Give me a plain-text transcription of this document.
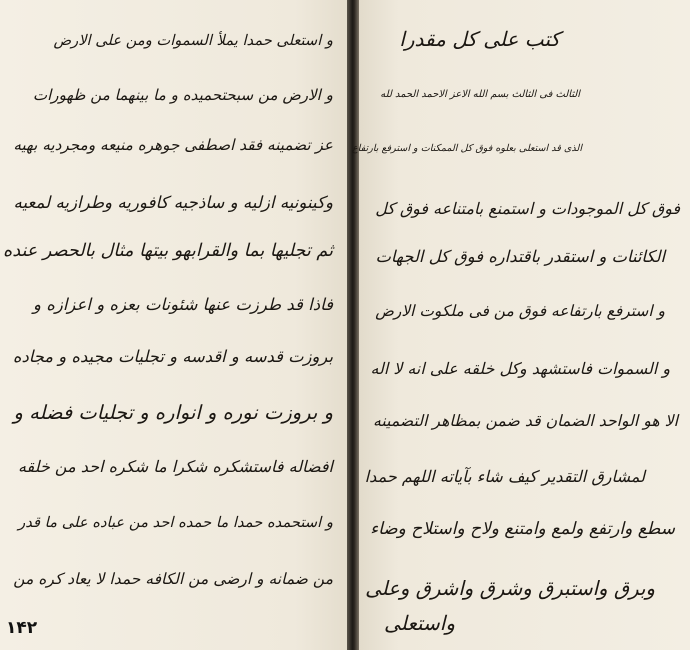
کتب علی کل مقدرا
الثالث فی الثالث بسم الله الاعز الاحمد الحمد لله
الذی قد استعلی بعلوه فوق کل الممکنات و استرفع بارتفاع
فوق کل الموجودات و استمنع بامتناعه فوق کل
الکائنات و استقدر باقتداره فوق کل الجهات
و استرفع بارتفاعه فوق من فی ملکوت الارض
و السموات فاستشهد وکل خلقه علی انه لا اله
الا هو الواحد الضمان قد ضمن بمظاهر التضمینه
لمشارق التقدیر کیف شاء بآیاته اللهم حمدا
سطع وارتفع ولمع وامتنع ولاح واستلاح وضاء
وبرق واستبرق وشرق واشرق وعلی
واستعلی
و استعلی حمدا یملأ السموات ومن علی الارض
و الارض من سبحتحمیده و ما بینهما من ظهورات
عز تضمینه فقد اصطفی جوهره منیعه ومجردیه بهیه
وکینونیه ازلیه و ساذجیه کافوریه وطرازیه لمعیه
ثم تجلیها بما والقرابهو بیتها مثال بالحصر عنده
فاذا قد طرزت عنها شئونات بعزه و اعزازه و
بروزت قدسه و اقدسه و تجلیات مجیده و مجاده
و بروزت نوره و انواره و تجلیات فضله و
افضاله فاستشکره شکرا ما شکره احد من خلقه
و استحمده حمدا ما حمده احد من عباده علی ما قدر
من ضمانه و ارضی من الکافه حمدا لا یعاد کره من
۱۴۲
